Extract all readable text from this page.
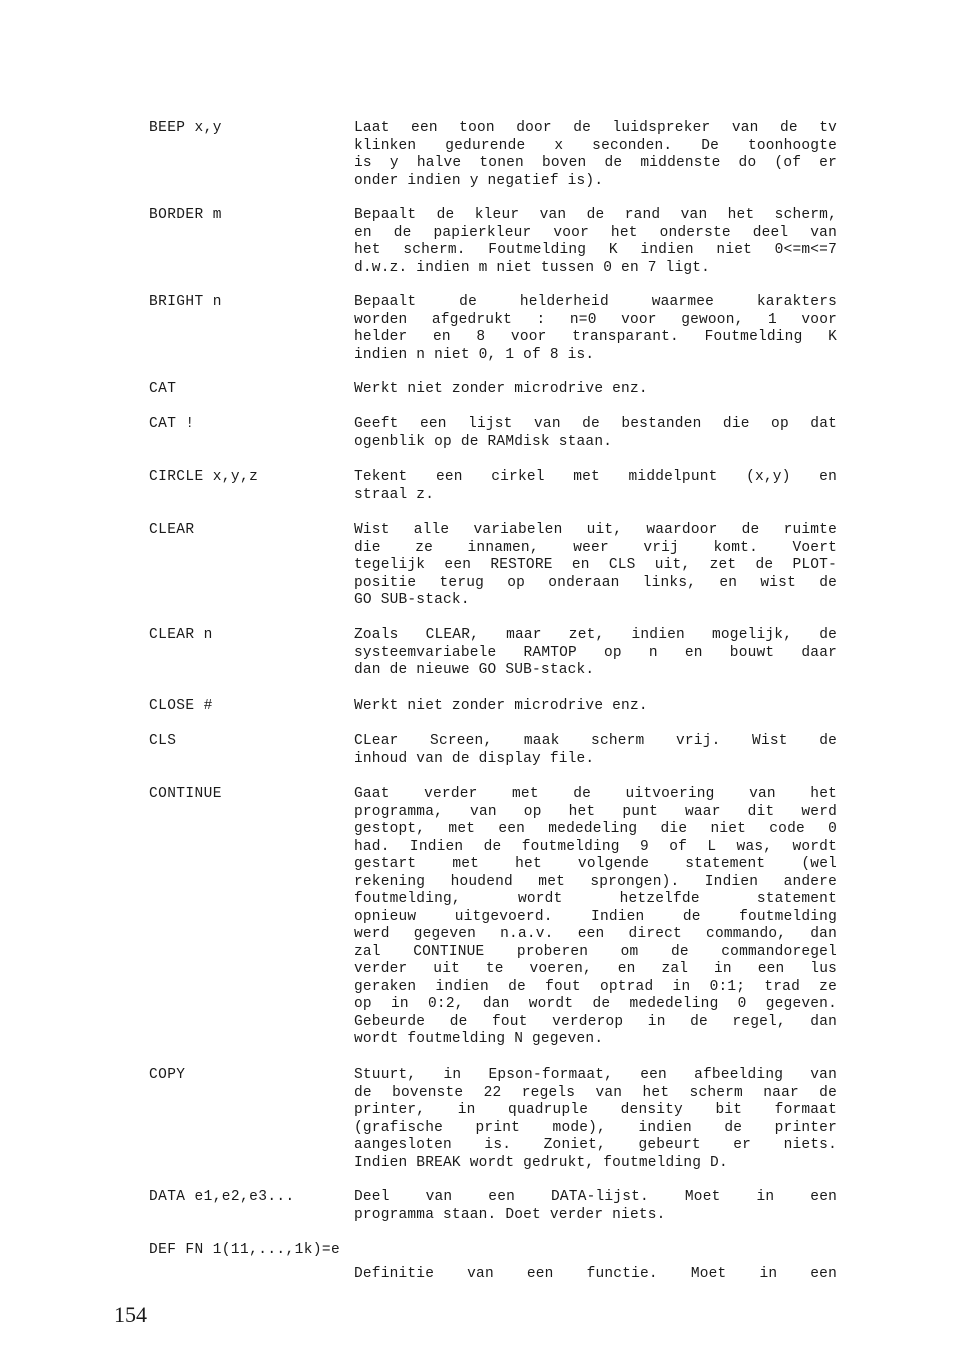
BEEP x,y	Laat een toon door de luidspreker van de tv
klinken gedurende x seconden. De toonhoogte
is y halve tonen boven de middenste do (of er
onder indien y negatief is).
BORDER m	Bepaalt de kleur van de rand van het scherm,
en de papierkleur voor het onderste deel van
het scherm. Foutmelding K indien niet 0<=m<=7
d.w.z. indien m niet tussen 0 en 7 ligt.
BRIGHT n	Bepaalt de helderheid waarmee karakters
worden afgedrukt : n=0 voor gewoon, 1 voor
helder en 8 voor transparant. Foutmelding K
indien n niet 0, 1 of 8 is.
CAT	Werkt niet zonder microdrive enz.
CAT !	Geeft een lijst van de bestanden die op dat
ogenblik op de RAMdisk staan.
CIRCLE x,y,z	Tekent een cirkel met middelpunt (x,y) en
straal z.
CLEAR	Wist alle variabelen uit, waardoor de ruimte
die ze innamen, weer vrij komt. Voert
tegelijk een RESTORE en CLS uit, zet de PLOT-
positie terug op onderaan links, en wist de
GO SUB-stack.
CLEAR n	Zoals CLEAR, maar zet, indien mogelijk, de
systeemvariabele RAMTOP op n en bouwt daar
dan de nieuwe GO SUB-stack.
CLOSE #	Werkt niet zonder microdrive enz.
CLS	CLear Screen, maak scherm vrij. Wist de
inhoud van de display file.
CONTINUE	Gaat verder met de uitvoering van het
programma, van op het punt waar dit werd
gestopt, met een mededeling die niet code 0
had. Indien de foutmelding 9 of L was, wordt
gestart met het volgende statement (wel
rekening houdend met sprongen). Indien andere
foutmelding, wordt hetzelfde statement
opnieuw uitgevoerd. Indien de foutmelding
werd gegeven n.a.v. een direct commando, dan
zal CONTINUE proberen om de commandoregel
verder uit te voeren, en zal in een lus
geraken indien de fout optrad in 0:1; trad ze
op in 0:2, dan wordt de mededeling 0 gegeven.
Gebeurde de fout verderop in de regel, dan
wordt foutmelding N gegeven.
COPY	Stuurt, in Epson-formaat, een afbeelding van
de bovenste 22 regels van het scherm naar de
printer, in quadruple density bit formaat
(grafische print mode), indien de printer
aangesloten is. Zoniet, gebeurt er niets.
Indien BREAK wordt gedrukt, foutmelding D.
DATA e1,e2,e3...	Deel van een DATA-lijst. Moet in een
programma staan. Doet verder niets.
DEF FN 1(11,...,1k)=e
Definitie van een functie. Moet in een
154
